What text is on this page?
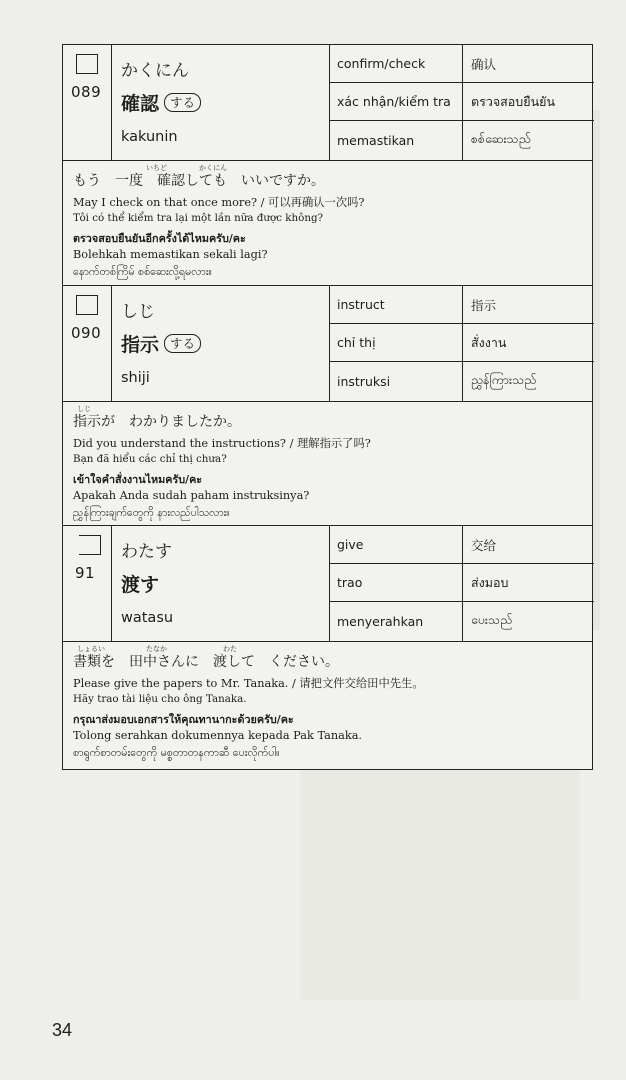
089
かくにん
確認 する
kakunin
confirm/check	确认
xác nhận/kiểm tra	ตรวจสอบยืนยัน
memastikan	စစ်ဆေးသည်
いちど	かくにん
もう　一度　確認しても　いいですか。
May I check on that once more? / 可以再确认一次吗?
Tôi có thể kiểm tra lại một lần nữa được không?
ตรวจสอบยืนยันอีกครั้งได้ไหมครับ/คะ
Bolehkah memastikan sekali lagi?
နောက်တစ်ကြိမ် စစ်ဆေးလို့ရမလား။
090
しじ
指示 する
shiji
instruct	指示
chỉ thị	สั่งงาน
instruksi	ညွှန်ကြားသည်
しじ
指示が　わかりましたか。
Did you understand the instructions? / 理解指示了吗?
Bạn đã hiểu các chỉ thị chưa?
เข้าใจคำสั่งงานไหมครับ/คะ
Apakah Anda sudah paham instruksinya?
ညွှန်ကြားချက်တွေကို နားလည်ပါသလား။
91
わたす
渡す
watasu
give	交给
trao	ส่งมอบ
menyerahkan	ပေးသည်
しょるい	たなか	わた
書類を　田中さんに　渡して　ください。
Please give the papers to Mr. Tanaka. / 请把文件交给田中先生。
Hãy trao tài liệu cho ông Tanaka.
กรุณาส่งมอบเอกสารให้คุณทานากะด้วยครับ/คะ
Tolong serahkan dokumennya kepada Pak Tanaka.
စာရွက်စာတမ်းတွေကို မစ္စတာတနကာဆီ ပေးလိုက်ပါ။
34
